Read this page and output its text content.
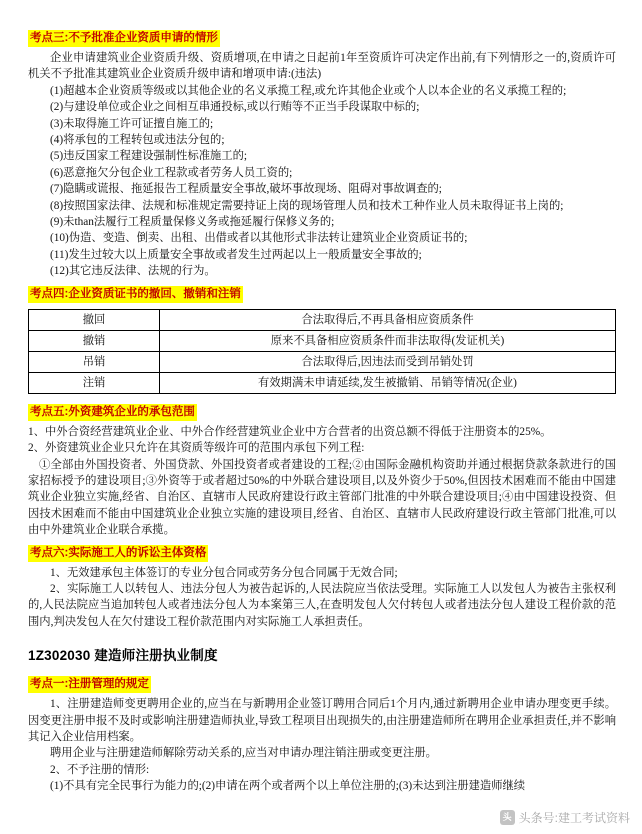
考点三:不予批准企业资质申请的情形

企业申请建筑业企业资质升级、资质增项,在申请之日起前1年至资质许可决定作出前,有下列情形之一的,资质许可机关不予批准其建筑业企业资质升级申请和增项申请:(违法)

(1)超越本企业资质等级或以其他企业的名义承揽工程,或允许其他企业或个人以本企业的名义承揽工程的;

(2)与建设单位或企业之间相互串通投标,或以行贿等不正当手段谋取中标的;

(3)未取得施工许可证擅自施工的;

(4)将承包的工程转包或违法分包的;

(5)违反国家工程建设强制性标准施工的;

(6)恶意拖欠分包企业工程款或者劳务人员工资的;

(7)隐瞒或谎报、拖延报告工程质量安全事故,破坏事故现场、阻碍对事故调查的;

(8)按照国家法律、法规和标准规定需要持证上岗的现场管理人员和技术工种作业人员未取得证书上岗的;

(9)未than法履行工程质量保修义务或拖延履行保修义务的;

(10)伪造、变造、倒卖、出租、出借或者以其他形式非法转让建筑业企业资质证书的;

(11)发生过较大以上质量安全事故或者发生过两起以上一般质量安全事故的;

(12)其它违反法律、法规的行为。

考点四:企业资质证书的撤回、撤销和注销
撤回	合法取得后,不再具备相应资质条件
撤销	原来不具备相应资质条件而非法取得(发证机关)
吊销	合法取得后,因违法而受到吊销处罚
注销	有效期满未申请延续,发生被撤销、吊销等情况(企业)
考点五:外资建筑企业的承包范围

1、中外合资经营建筑业企业、中外合作经营建筑业企业中方合营者的出资总额不得低于注册资本的25%。

2、外资建筑业企业只允许在其资质等级许可的范围内承包下列工程:

①全部由外国投资者、外国贷款、外国投资者或者建设的工程;②由国际金融机构资助并通过根据贷款条款进行的国家招标授予的建设项目;③外资等于或者超过50%的中外联合建设项目,以及外资少于50%,但因技术困难而不能由中国建筑业企业独立实施,经省、自治区、直辖市人民政府建设行政主管部门批准的中外联合建设项目;④由中国建设投资、但因技术困难而不能由中国建筑业企业独立实施的建设项目,经省、自治区、直辖市人民政府建设行政主管部门批准,可以由中外建筑业企业联合承揽。

考点六:实际施工人的诉讼主体资格

1、无效建承包主体签订的专业分包合同或劳务分包合同属于无效合同;

2、实际施工人以转包人、违法分包人为被告起诉的,人民法院应当依法受理。实际施工人以发包人为被告主张权利的,人民法院应当追加转包人或者违法分包人为本案第三人,在查明发包人欠付转包人或者违法分包人建设工程价款的范围内,判决发包人在欠付建设工程价款范围内对实际施工人承担责任。

1Z302030 建造师注册执业制度
考点一:注册管理的规定

1、注册建造师变更聘用企业的,应当在与新聘用企业签订聘用合同后1个月内,通过新聘用企业申请办理变更手续。因变更注册申报不及时或影响注册建造师执业,导致工程项目出现损失的,由注册建造师所在聘用企业承担责任,并不影响其记入企业信用档案。

聘用企业与注册建造师解除劳动关系的,应当对申请办理注销注册或变更注册。

2、不予注册的情形:

(1)不具有完全民事行为能力的;(2)申请在两个或者两个以上单位注册的;(3)未达到注册建造师继续

头 头条号:建工考试资料
